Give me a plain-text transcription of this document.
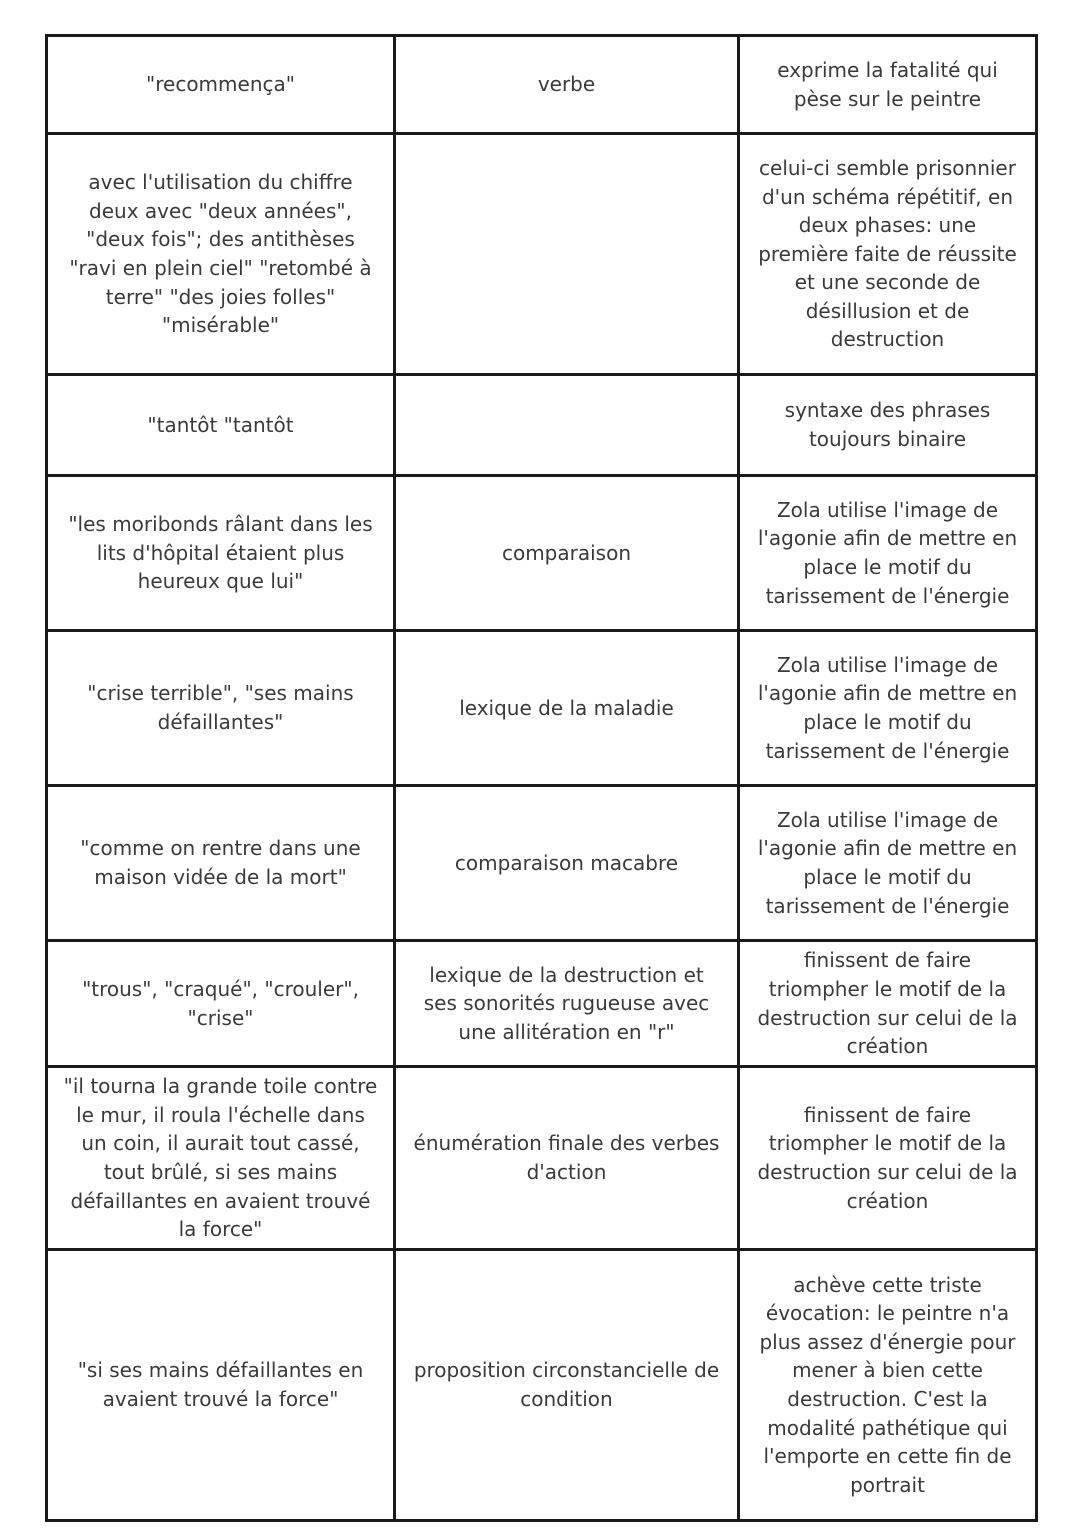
"recommença"	verbe	exprime la fatalité qui pèse sur le peintre
avec l'utilisation du chiffre deux avec "deux années", "deux fois"; des antithèses "ravi en plein ciel" "retombé à terre" "des joies folles" "misérable"		celui-ci semble prisonnier d'un schéma répétitif, en deux phases: une première faite de réussite et une seconde de désillusion et de destruction
"tantôt "tantôt		syntaxe des phrases toujours binaire
"les moribonds râlant dans les lits d'hôpital étaient plus heureux que lui"	comparaison	Zola utilise l'image de l'agonie afin de mettre en place le motif du tarissement de l'énergie
"crise terrible", "ses mains défaillantes"	lexique de la maladie	Zola utilise l'image de l'agonie afin de mettre en place le motif du tarissement de l'énergie
"comme on rentre dans une maison vidée de la mort"	comparaison macabre	Zola utilise l'image de l'agonie afin de mettre en place le motif du tarissement de l'énergie
"trous", "craqué", "crouler", "crise"	lexique de la destruction et ses sonorités rugueuse avec une allitération en "r"	finissent de faire triompher le motif de la destruction sur celui de la création
"il tourna la grande toile contre le mur, il roula l'échelle dans un coin, il aurait tout cassé, tout brûlé, si ses mains défaillantes en avaient trouvé la force"	énumération finale des verbes d'action	finissent de faire triompher le motif de la destruction sur celui de la création
"si ses mains défaillantes en avaient trouvé la force"	proposition circonstancielle de condition	achève cette triste évocation: le peintre n'a plus assez d'énergie pour mener à bien cette destruction. C'est la modalité pathétique qui l'emporte en cette fin de portrait
